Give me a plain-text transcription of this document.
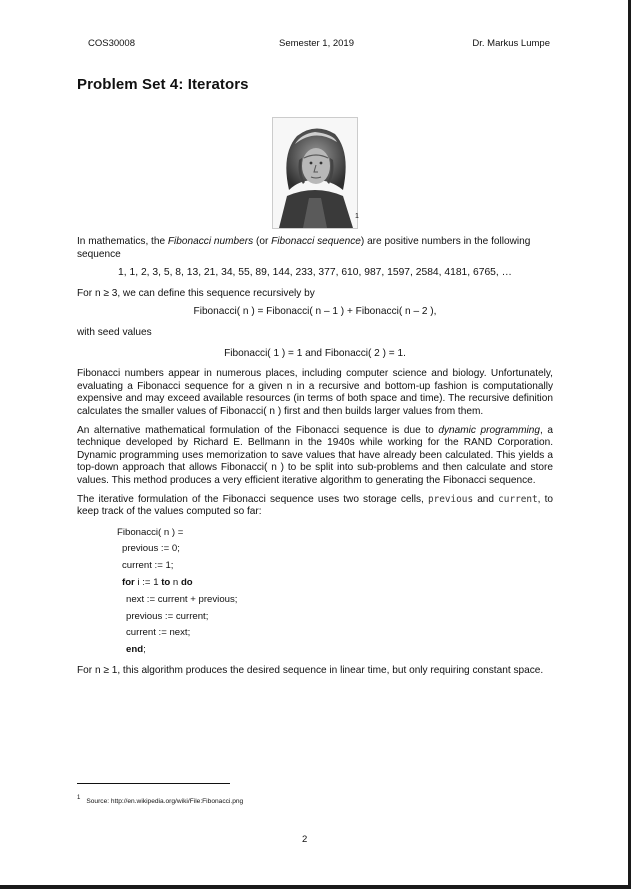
COS30008	Semester 1, 2019	Dr. Markus Lumpe
Problem Set 4: Iterators
1

In mathematics, the Fibonacci numbers (or Fibonacci sequence) are positive numbers in the following sequence

1, 1, 2, 3, 5, 8, 13, 21, 34, 55, 89, 144, 233, 377, 610, 987, 1597, 2584, 4181, 6765, …

For n ≥ 3, we can define this sequence recursively by

Fibonacci( n ) = Fibonacci( n – 1 ) + Fibonacci( n – 2 ),

with seed values

Fibonacci( 1 ) = 1 and Fibonacci( 2 ) = 1.

Fibonacci numbers appear in numerous places, including computer science and biology. Unfortunately, evaluating a Fibonacci sequence for a given n in a recursive and bottom-up fashion is computationally expensive and may exceed available resources (in terms of both space and time). The recursive definition calculates the smaller values of Fibonacci( n ) first and then builds larger values from them.

An alternative mathematical formulation of the Fibonacci sequence is due to dynamic programming, a technique developed by Richard E. Bellmann in the 1940s while working for the RAND Corporation. Dynamic programming uses memorization to save values that have already been calculated. This yields a top-down approach that allows Fibonacci( n ) to be split into sub-problems and then calculate and store values. This method produces a very efficient iterative algorithm to generating the Fibonacci sequence.

The iterative formulation of the Fibonacci sequence uses two storage cells, previous and current, to keep track of the values computed so far:

Fibonacci( n ) =
previous := 0;
current := 1;
for i := 1 to n do
next := current + previous;
previous := current;
current := next;
end;

For n ≥ 1, this algorithm produces the desired sequence in linear time, but only requiring constant space.

$^1$ Source: http://en.wikipedia.org/wiki/File:Fibonacci.png
2
